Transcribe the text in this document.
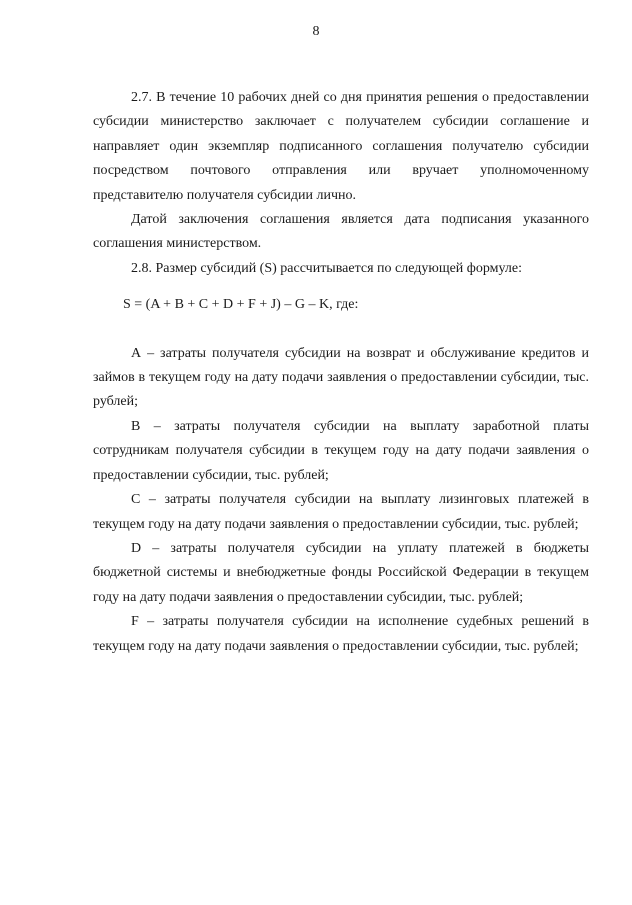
8

2.7. В течение 10 рабочих дней со дня принятия решения о предоставлении субсидии министерство заключает с получателем субсидии соглашение и направляет один экземпляр подписанного соглашения получателю субсидии посредством почтового отправления или вручает уполномоченному представителю получателя субсидии лично.

Датой заключения соглашения является дата подписания указанного соглашения министерством.

2.8. Размер субсидий (S) рассчитывается по следующей формуле:

S = (A + B + C + D + F + J) – G – K, где:

А – затраты получателя субсидии на возврат и обслуживание кредитов и займов в текущем году на дату подачи заявления о предоставлении субсидии, тыс. рублей;

В – затраты получателя субсидии на выплату заработной платы сотрудникам получателя субсидии в текущем году на дату подачи заявления о предоставлении субсидии, тыс. рублей;

С – затраты получателя субсидии на выплату лизинговых платежей в текущем году на дату подачи заявления о предоставлении субсидии, тыс. рублей;

D – затраты получателя субсидии на уплату платежей в бюджеты бюджетной системы и внебюджетные фонды Российской Федерации в текущем году на дату подачи заявления о предоставлении субсидии, тыс. рублей;

F – затраты получателя субсидии на исполнение судебных решений в текущем году на дату подачи заявления о предоставлении субсидии, тыс. рублей;
